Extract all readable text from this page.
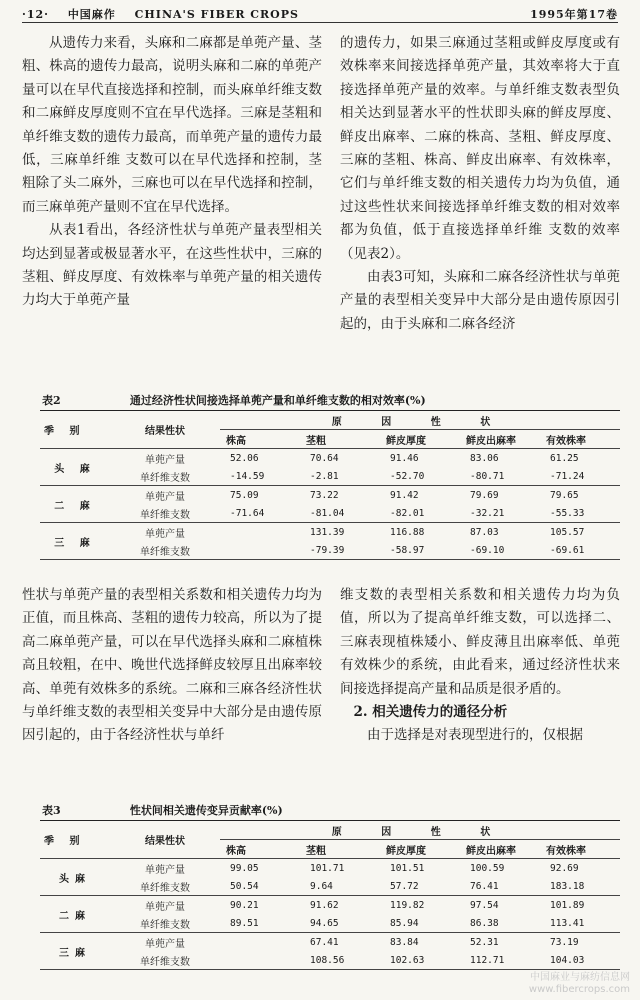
·12· 中国麻作 CHINA'S FIBER CROPS	1995年第17卷

从遗传力来看，头麻和二麻都是单蔸产量、茎粗、株高的遗传力最高，说明头麻和二麻的单蔸产量可以在早代直接选择和控制，而头麻单纤维支数和二麻鲜皮厚度则不宜在早代选择。三麻是茎粗和单纤维支数的遗传力最高，而单蔸产量的遗传力最低，三麻单纤维 支数可以在早代选择和控制，茎粗除了头二麻外，三麻也可以在早代选择和控制，而三麻单蔸产量则不宜在早代选择。

从表1看出，各经济性状与单蔸产量表型相关均达到显著或极显著水平，在这些性状中，三麻的茎粗、鲜皮厚度、有效株率与单蔸产量的相关遗传力均大于单蔸产量

的遗传力，如果三麻通过茎粗或鲜皮厚度或有效株率来间接选择单蔸产量，其效率将大于直接选择单蔸产量的效率。与单纤维支数表型负相关达到显著水平的性状即头麻的鲜皮厚度、鲜皮出麻率、二麻的株高、茎粗、鲜皮厚度、三麻的茎粗、株高、鲜皮出麻率、有效株率，它们与单纤维支数的相关遗传力均为负值，通过这些性状来间接选择单纤维支数的相对效率都为负值，低于直接选择单纤维 支数的效率（见表2）。

由表3可知，头麻和二麻各经济性状与单蔸产量的表型相关变异中大部分是由遗传原因引起的，由于头麻和二麻各经济

表2	通过经济性状间接选择单蔸产量和单纤维支数的相对效率(%)
季 别	结果性状	原 因 性 状				
		株高	茎粗	鲜皮厚度	鲜皮出麻率	有效株率
头 麻	单蔸产量	52.06	70.64	91.46	83.06	61.25
	单纤维支数	-14.59	-2.81	-52.70	-80.71	-71.24
二 麻	单蔸产量	75.09	73.22	91.42	79.69	79.65
	单纤维支数	-71.64	-81.04	-82.01	-32.21	-55.33
三 麻	单蔸产量		131.39	116.88	87.03	105.57
	单纤维支数		-79.39	-58.97	-69.10	-69.61

性状与单蔸产量的表型相关系数和相关遗传力均为正值，而且株高、茎粗的遗传力较高，所以为了提高二麻单蔸产量，可以在早代选择头麻和二麻植株高且较粗，在中、晚世代选择鲜皮较厚且出麻率较高、单蔸有效株多的系统。二麻和三麻各经济性状与单纤维支数的表型相关变异中大部分是由遗传原因引起的，由于各经济性状与单纤

维支数的表型相关系数和相关遗传力均为负值，所以为了提高单纤维支数，可以选择二、三麻表现植株矮小、鲜皮薄且出麻率低、单蔸有效株少的系统，由此看来，通过经济性状来间接选择提高产量和品质是很矛盾的。

2. 相关遗传力的通径分析

由于选择是对表现型进行的，仅根据

表3	性状间相关遗传变异贡献率(%)
季 别	结果性状	原 因 性 状				
		株高	茎粗	鲜皮厚度	鲜皮出麻率	有效株率
头麻	单蔸产量	99.05	101.71	101.51	100.59	92.69
	单纤维支数	50.54	9.64	57.72	76.41	183.18
二麻	单蔸产量	90.21	91.62	119.82	97.54	101.89
	单纤维支数	89.51	94.65	85.94	86.38	113.41
三麻	单蔸产量		67.41	83.84	52.31	73.19
	单纤维支数		108.56	102.63	112.71	104.03
中国麻业与麻纺信息网
www.fibercrops.com
